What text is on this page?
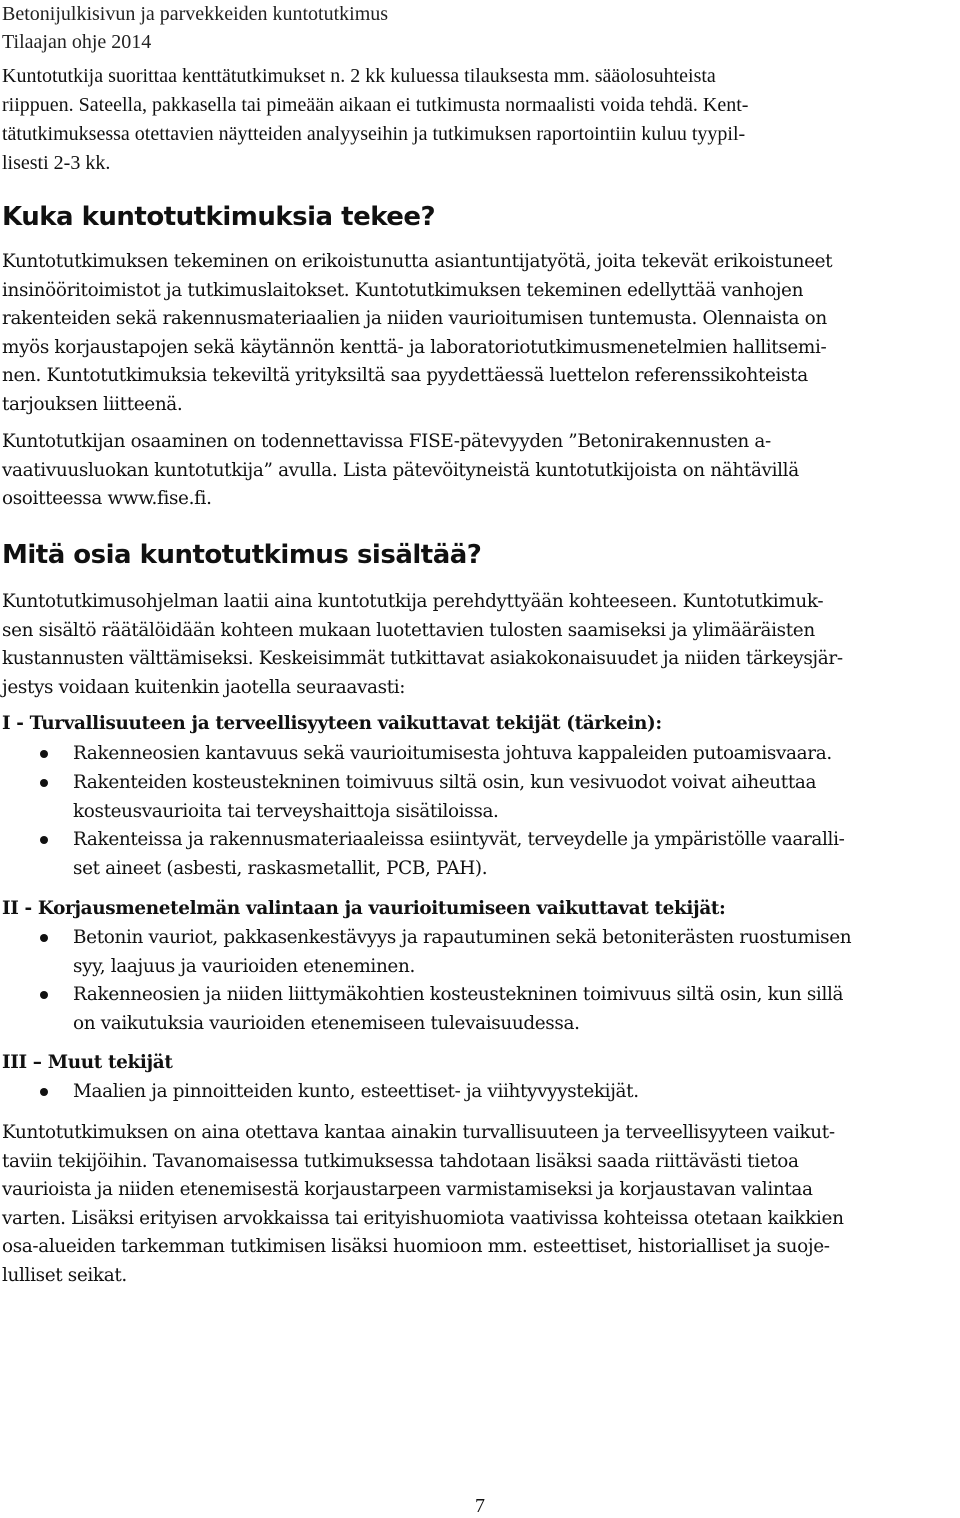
Betonijulkisivun ja parvekkeiden kuntotutkimus
Tilaajan ohje 2014
Kuntotutkija suorittaa kenttätutkimukset n. 2 kk kuluessa tilauksesta mm. sääolosuhteista
riippuen. Sateella, pakkasella tai pimeään aikaan ei tutkimusta normaalisti voida tehdä. Kent-
tätutkimuksessa otettavien näytteiden analyyseihin ja tutkimuksen raportointiin kuluu tyypil-
lisesti 2-3 kk.
Kuka kuntotutkimuksia tekee?
Kuntotutkimuksen tekeminen on erikoistunutta asiantuntijatyötä, joita tekevät erikoistuneet
insinööritoimistot ja tutkimuslaitokset. Kuntotutkimuksen tekeminen edellyttää vanhojen
rakenteiden sekä rakennusmateriaalien ja niiden vaurioitumisen tuntemusta. Olennaista on
myös korjaustapojen sekä käytännön kenttä- ja laboratoriotutkimusmenetelmien hallitsemi-
nen. Kuntotutkimuksia tekeviltä yrityksiltä saa pyydettäessä luettelon referenssikohteista
tarjouksen liitteenä.
Kuntotutkijan osaaminen on todennettavissa FISE-pätevyyden ”Betonirakennusten a-
vaativuusluokan kuntotutkija” avulla. Lista pätevöityneistä kuntotutkijoista on nähtävillä
osoitteessa www.fise.fi.
Mitä osia kuntotutkimus sisältää?
Kuntotutkimusohjelman laatii aina kuntotutkija perehdyttyään kohteeseen. Kuntotutkimuk-
sen sisältö räätälöidään kohteen mukaan luotettavien tulosten saamiseksi ja ylimääräisten
kustannusten välttämiseksi. Keskeisimmät tutkittavat asiakokonaisuudet ja niiden tärkeysjär-
jestys voidaan kuitenkin jaotella seuraavasti:
I - Turvallisuuteen ja terveellisyyteen vaikuttavat tekijät (tärkein):
Rakenneosien kantavuus sekä vaurioitumisesta johtuva kappaleiden putoamisvaara.
Rakenteiden kosteustekninen toimivuus siltä osin, kun vesivuodot voivat aiheuttaa
kosteusvaurioita tai terveyshaittoja sisätiloissa.
Rakenteissa ja rakennusmateriaaleissa esiintyvät, terveydelle ja ympäristölle vaaralli-
set aineet (asbesti, raskasmetallit, PCB, PAH).
II - Korjausmenetelmän valintaan ja vaurioitumiseen vaikuttavat tekijät:
Betonin vauriot, pakkasenkestävyys ja rapautuminen sekä betoniterästen ruostumisen
syy, laajuus ja vaurioiden eteneminen.
Rakenneosien ja niiden liittymäkohtien kosteustekninen toimivuus siltä osin, kun sillä
on vaikutuksia vaurioiden etenemiseen tulevaisuudessa.
III – Muut tekijät
Maalien ja pinnoitteiden kunto, esteettiset- ja viihtyvyystekijät.
Kuntotutkimuksen on aina otettava kantaa ainakin turvallisuuteen ja terveellisyyteen vaikut-
taviin tekijöihin. Tavanomaisessa tutkimuksessa tahdotaan lisäksi saada riittävästi tietoa
vaurioista ja niiden etenemisestä korjaustarpeen varmistamiseksi ja korjaustavan valintaa
varten. Lisäksi erityisen arvokkaissa tai erityishuomiota vaativissa kohteissa otetaan kaikkien
osa-alueiden tarkemman tutkimisen lisäksi huomioon mm. esteettiset, historialliset ja suoje-
lulliset seikat.
7
